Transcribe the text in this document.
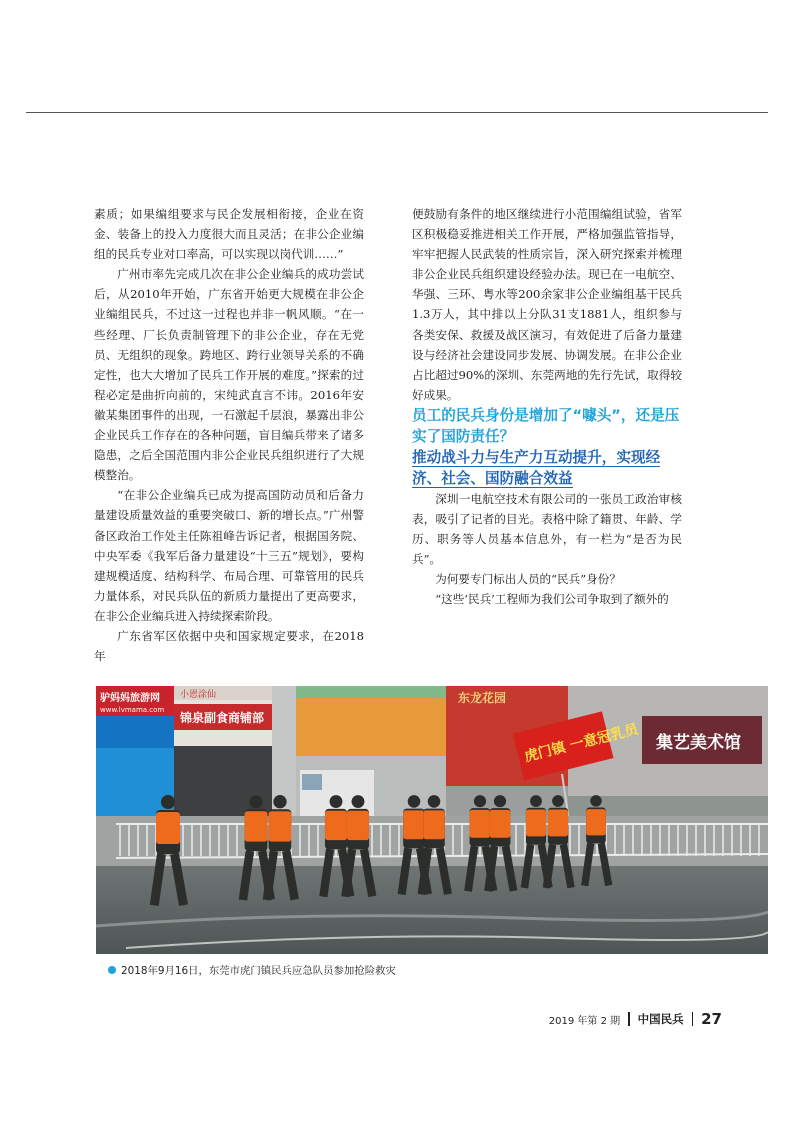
素质；如果编组要求与民企发展相衔接，企业在资金、装备上的投入力度很大而且灵活；在非公企业编组的民兵专业对口率高，可以实现以岗代训……”

广州市率先完成几次在非公企业编兵的成功尝试后，从2010年开始，广东省开始更大规模在非公企业编组民兵，不过这一过程也并非一帆风顺。“在一些经理、厂长负责制管理下的非公企业，存在无党员、无组织的现象。跨地区、跨行业领导关系的不确定性，也大大增加了民兵工作开展的难度。”探索的过程必定是曲折向前的，宋纯武直言不讳。2016年安徽某集团事件的出现，一石激起千层浪，暴露出非公企业民兵工作存在的各种问题，盲目编兵带来了诸多隐患，之后全国范围内非公企业民兵组织进行了大规模整治。

“在非公企业编兵已成为提高国防动员和后备力量建设质量效益的重要突破口、新的增长点。”广州警备区政治工作处主任陈祖峰告诉记者，根据国务院、中央军委《我军后备力量建设“十三五”规划》，要构建规模适度、结构科学、布局合理、可靠管用的民兵力量体系，对民兵队伍的新质力量提出了更高要求，在非公企业编兵进入持续探索阶段。

广东省军区依据中央和国家规定要求，在2018年

便鼓励有条件的地区继续进行小范围编组试验，省军区积极稳妥推进相关工作开展，严格加强监管指导，牢牢把握人民武装的性质宗旨，深入研究探索并梳理非公企业民兵组织建设经验办法。现已在一电航空、华强、三环、粤水等200余家非公企业编组基干民兵1.3万人，其中排以上分队31支1881人，组织参与各类安保、救援及战区演习，有效促进了后备力量建设与经济社会建设同步发展、协调发展。在非公企业占比超过90%的深圳、东莞两地的先行先试，取得较好成果。

员工的民兵身份是增加了“噱头”，还是压实了国防责任？

推动战斗力与生产力互动提升，实现经济、社会、国防融合效益

深圳一电航空技术有限公司的一张员工政治审核表，吸引了记者的目光。表格中除了籍贯、年龄、学历、职务等人员基本信息外，有一栏为“是否为民兵”。

为何要专门标出人员的“民兵”身份？

“这些‘民兵’工程师为我们公司争取到了额外的

驴妈妈旅游网
www.lvmama.com
小恩涂仙
锦泉副食商铺部
东龙花园
集艺美术馆
虎门镇 一意冠乳员
2018年9月16日，东莞市虎门镇民兵应急队员参加抢险救灾
2019 年第 2 期 中国民兵 27
